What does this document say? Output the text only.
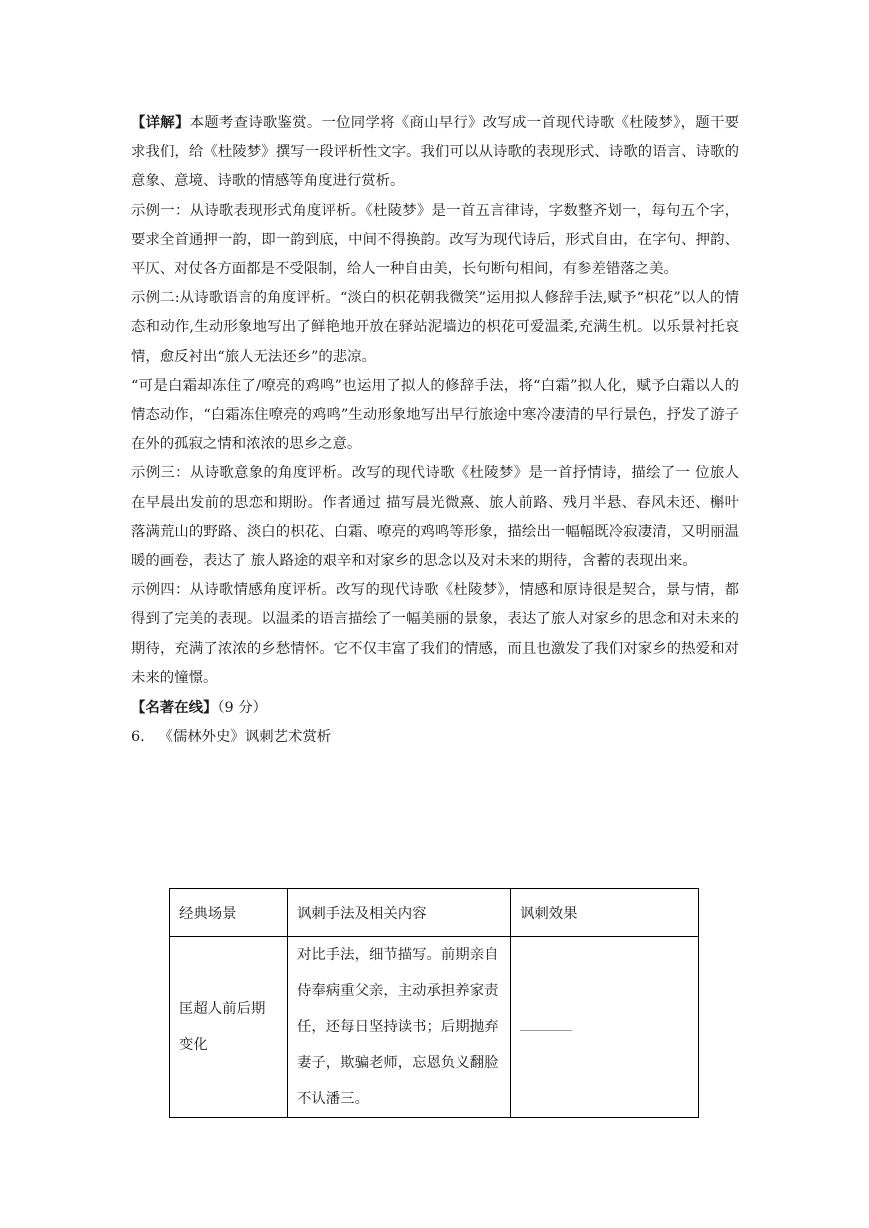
【详解】本题考查诗歌鉴赏。一位同学将《商山早行》改写成一首现代诗歌《杜陵梦》，题干要求我们，给《杜陵梦》撰写一段评析性文字。我们可以从诗歌的表现形式、诗歌的语言、诗歌的意象、意境、诗歌的情感等角度进行赏析。

示例一：从诗歌表现形式角度评析。《杜陵梦》是一首五言律诗，字数整齐划一，每句五个字，要求全首通押一韵，即一韵到底，中间不得换韵。改写为现代诗后，形式自由，在字句、押韵、平仄、对仗各方面都是不受限制，给人一种自由美，长句断句相间，有参差错落之美。

示例二:从诗歌语言的角度评析。“淡白的枳花朝我微笑”运用拟人修辞手法,赋予“枳花”以人的情态和动作,生动形象地写出了鲜艳地开放在驿站泥墙边的枳花可爱温柔,充满生机。以乐景衬托哀情，愈反衬出“旅人无法还乡”的悲凉。

“可是白霜却冻住了/嘹亮的鸡鸣”也运用了拟人的修辞手法，将“白霜”拟人化，赋予白霜以人的情态动作，“白霜冻住嘹亮的鸡鸣”生动形象地写出早行旅途中寒冷凄清的早行景色，抒发了游子在外的孤寂之情和浓浓的思乡之意。

示例三：从诗歌意象的角度评析。改写的现代诗歌《杜陵梦》是一首抒情诗，描绘了一 位旅人在早晨出发前的思恋和期盼。作者通过 描写晨光微熹、旅人前路、残月半悬、春风未还、槲叶落满荒山的野路、淡白的枳花、白霜、嘹亮的鸡鸣等形象，描绘出一幅幅既冷寂凄清，又明丽温暖的画卷，表达了 旅人路途的艰辛和对家乡的思念以及对未来的期待，含蓄的表现出来。

示例四：从诗歌情感角度评析。改写的现代诗歌《杜陵梦》，情感和原诗很是契合，景与情，都得到了完美的表现。以温柔的语言描绘了一幅美丽的景象，表达了旅人对家乡的思念和对未来的期待，充满了浓浓的乡愁情怀。它不仅丰富了我们的情感，而且也激发了我们对家乡的热爱和对未来的憧憬。

【名著在线】（9 分）

6. 《儒林外史》讽刺艺术赏析

经典场景	讽刺手法及相关内容	讽刺效果
匡超人前后期变化	对比手法，细节描写。前期亲自侍奉病重父亲，主动承担养家责任，还每日坚持读书；后期抛弃妻子，欺骗老师，忘恩负义翻脸不认潘三。	
